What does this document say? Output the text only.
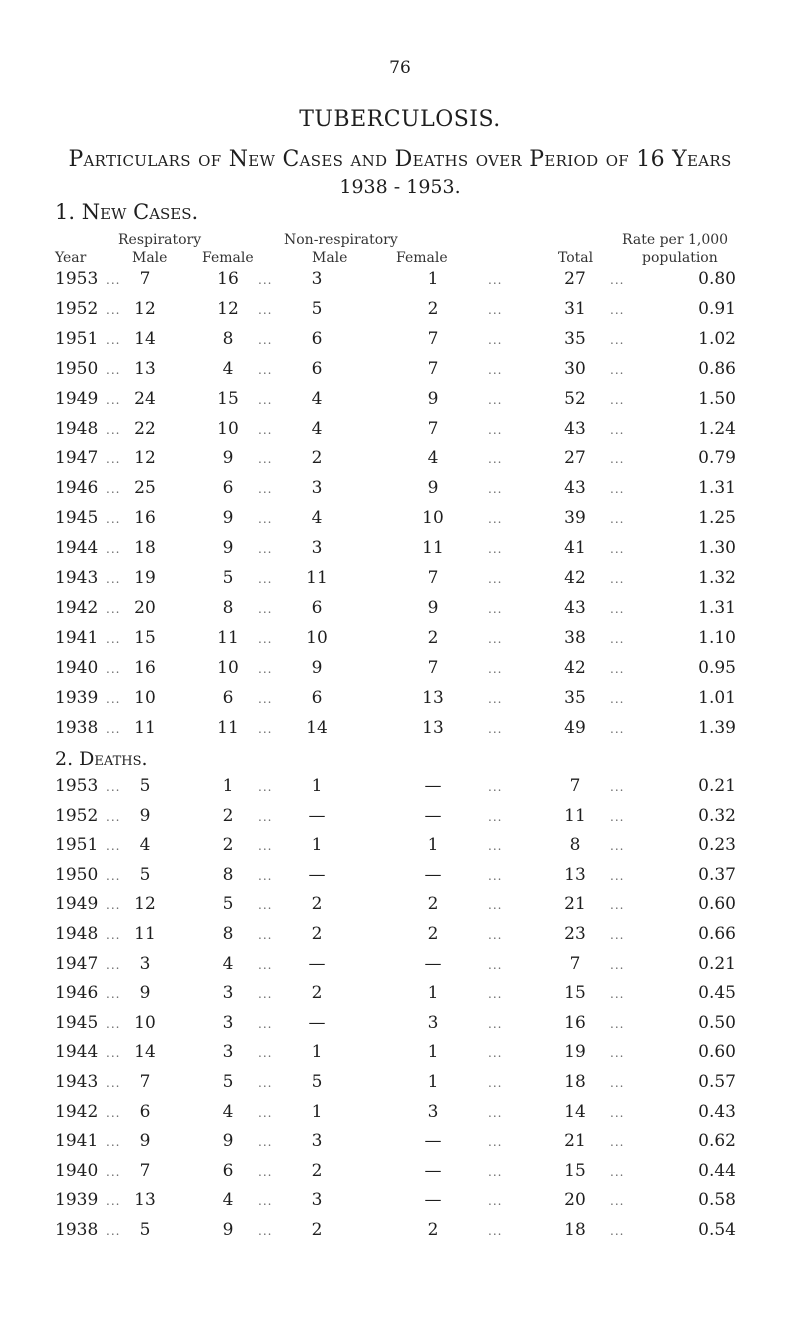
76
TUBERCULOSIS.
Particulars of New Cases and Deaths over Period of 16 Years
1938 - 1953.
1. New Cases.
Respiratory	Non-respiratory	Rate per 1,000
Year	Male Female	Male	Female	Total	population
1953 ...	7	16	...	3	1	...	27	...	0.80
1952 ... 12	12	...	5	2	...	31	...	0.91
1951 ... 14	8	...	6	7	...	35	...	1.02
1950 ... 13	4	...	6	7	...	30	...	0.86
1949 ... 24	15	...	4	9	...	52	...	1.50
1948 ... 22	10	...	4	7	...	43	...	1.24
1947 ... 12	9	...	2	4	...	27	...	0.79
1946 ... 25	6	...	3	9	...	43	...	1.31
1945 ... 16	9	...	4	10	...	39	...	1.25
1944 ... 18	9	...	3	11	...	41	...	1.30
1943 ... 19	5	...	11	7	...	42	...	1.32
1942 ... 20	8	...	6	9	...	43	...	1.31
1941 ... 15	11	...	10	2	...	38	...	1.10
1940 ... 16	10	...	9	7	...	42	...	0.95
1939 ... 10	6	...	6	13	...	35	...	1.01
1938 ... 11	11	...	14	13	...	49	...	1.39
2. Deaths.
1953 ...	5	1	...	1	—	...	7	...	0.21
1952 ...	9	2	...	—	—	...	11	...	0.32
1951 ...	4	2	...	1	1	...	8	...	0.23
1950 ...	5	8	...	—	—	...	13	...	0.37
1949 ... 12	5	...	2	2	...	21	...	0.60
1948 ... 11	8	...	2	2	...	23	...	0.66
1947 ...	3	4	...	—	—	...	7	...	0.21
1946 ...	9	3	...	2	1	...	15	...	0.45
1945 ... 10	3	...	—	3	...	16	...	0.50
1944 ... 14	3	...	1	1	...	19	...	0.60
1943 ...	7	5	...	5	1	...	18	...	0.57
1942 ...	6	4	...	1	3	...	14	...	0.43
1941 ...	9	9	...	3	—	...	21	...	0.62
1940 ...	7	6	...	2	—	...	15	...	0.44
1939 ... 13	4	...	3	—	...	20	...	0.58
1938 ...	5	9	...	2	2	...	18	...	0.54
